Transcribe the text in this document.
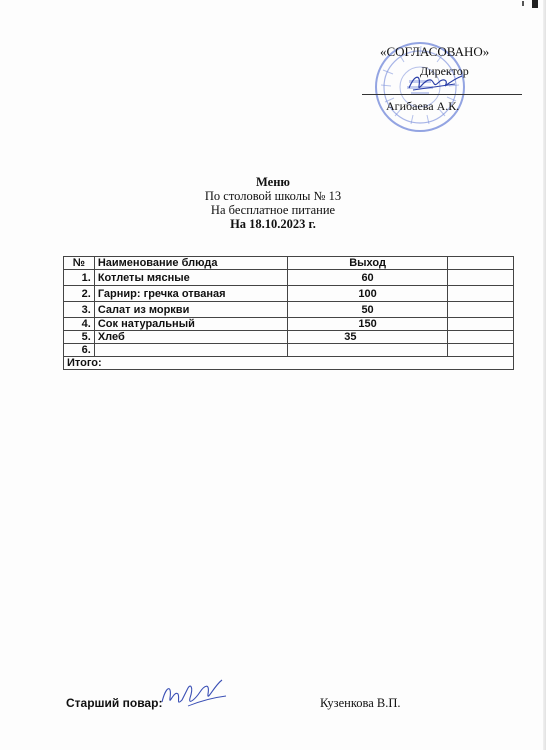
«СОГЛАСОВАНО»
Директор
Агибаева А.К.
Меню
По столовой школы № 13
На бесплатное питание
На 18.10.2023 г.
№	Наименование блюда	Выход	
1.	Котлеты мясные	60	
2.	Гарнир: гречка отваная	100	
3.	Салат из моркви	50	
4.	Сок натуральный	150	
5.	Хлеб	35	
6.			
Итого:			
Старший повар:	Кузенкова В.П.
